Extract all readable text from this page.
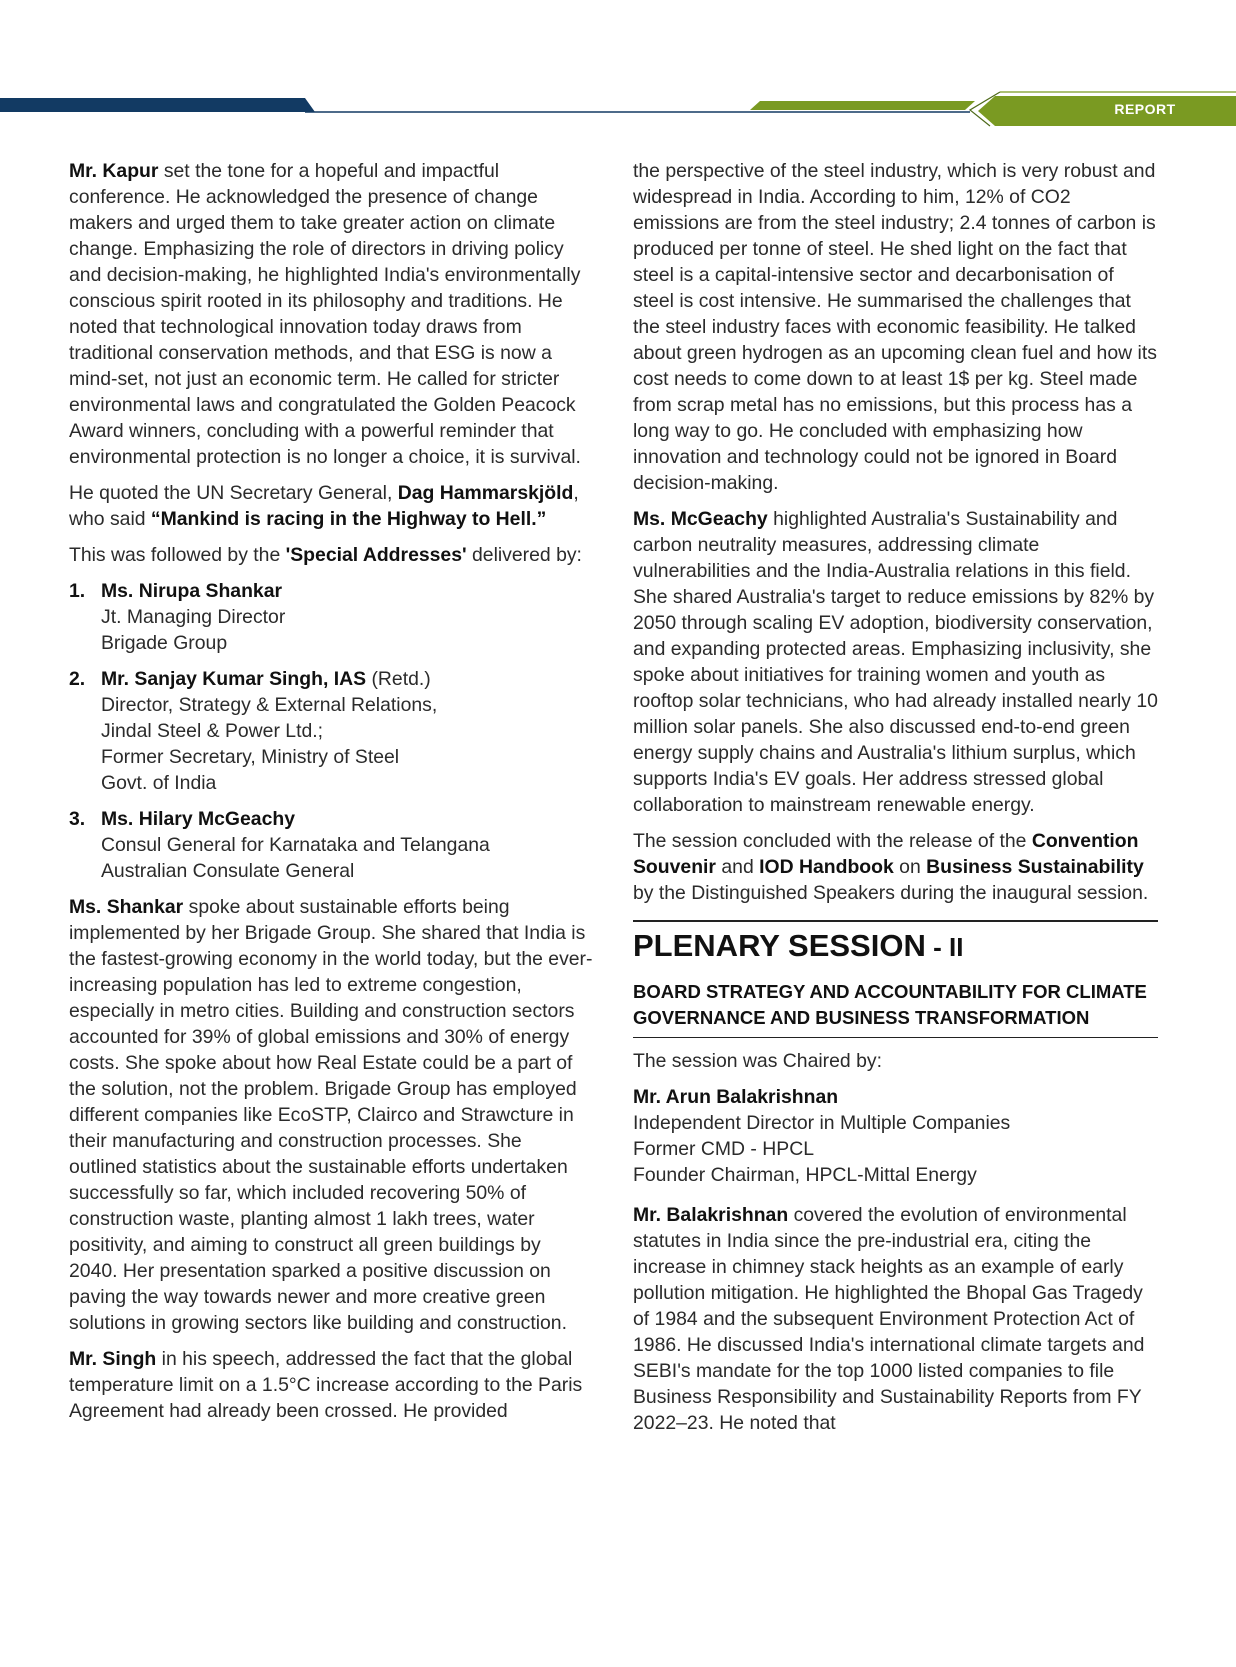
REPORT

Mr. Kapur set the tone for a hopeful and impactful conference. He acknowledged the presence of change makers and urged them to take greater action on climate change. Emphasizing the role of directors in driving policy and decision-making, he highlighted India's environmentally conscious spirit rooted in its philosophy and traditions. He noted that technological innovation today draws from traditional conservation methods, and that ESG is now a mind-set, not just an economic term. He called for stricter environmental laws and congratulated the Golden Peacock Award winners, concluding with a powerful reminder that environmental protection is no longer a choice, it is survival.

He quoted the UN Secretary General, Dag Hammarskjöld, who said “Mankind is racing in the Highway to Hell.”

This was followed by the 'Special Addresses' delivered by:

1. Ms. Nirupa Shankar
Jt. Managing Director
Brigade Group
2. Mr. Sanjay Kumar Singh, IAS (Retd.)
Director, Strategy & External Relations,
Jindal Steel & Power Ltd.;
Former Secretary, Ministry of Steel
Govt. of India
3. Ms. Hilary McGeachy
Consul General for Karnataka and Telangana
Australian Consulate General

Ms. Shankar spoke about sustainable efforts being implemented by her Brigade Group. She shared that India is the fastest-growing economy in the world today, but the ever-increasing population has led to extreme congestion, especially in metro cities. Building and construction sectors accounted for 39% of global emissions and 30% of energy costs. She spoke about how Real Estate could be a part of the solution, not the problem. Brigade Group has employed different companies like EcoSTP, Clairco and Strawcture in their manufacturing and construction processes. She outlined statistics about the sustainable efforts undertaken successfully so far, which included recovering 50% of construction waste, planting almost 1 lakh trees, water positivity, and aiming to construct all green buildings by 2040. Her presentation sparked a positive discussion on paving the way towards newer and more creative green solutions in growing sectors like building and construction.

Mr. Singh in his speech, addressed the fact that the global temperature limit on a 1.5°C increase according to the Paris Agreement had already been crossed. He provided

the perspective of the steel industry, which is very robust and widespread in India. According to him, 12% of CO2 emissions are from the steel industry; 2.4 tonnes of carbon is produced per tonne of steel. He shed light on the fact that steel is a capital-intensive sector and decarbonisation of steel is cost intensive. He summarised the challenges that the steel industry faces with economic feasibility. He talked about green hydrogen as an upcoming clean fuel and how its cost needs to come down to at least 1$ per kg. Steel made from scrap metal has no emissions, but this process has a long way to go. He concluded with emphasizing how innovation and technology could not be ignored in Board decision-making.

Ms. McGeachy highlighted Australia's Sustainability and carbon neutrality measures, addressing climate vulnerabilities and the India-Australia relations in this field. She shared Australia's target to reduce emissions by 82% by 2050 through scaling EV adoption, biodiversity conservation, and expanding protected areas. Emphasizing inclusivity, she spoke about initiatives for training women and youth as rooftop solar technicians, who had already installed nearly 10 million solar panels. She also discussed end-to-end green energy supply chains and Australia's lithium surplus, which supports India's EV goals. Her address stressed global collaboration to mainstream renewable energy.

The session concluded with the release of the Convention Souvenir and IOD Handbook on Business Sustainability by the Distinguished Speakers during the inaugural session.

PLENARY SESSION - II
BOARD STRATEGY AND ACCOUNTABILITY FOR CLIMATE GOVERNANCE AND BUSINESS TRANSFORMATION

The session was Chaired by:

Mr. Arun Balakrishnan
Independent Director in Multiple Companies
Former CMD - HPCL
Founder Chairman, HPCL-Mittal Energy

Mr. Balakrishnan covered the evolution of environmental statutes in India since the pre-industrial era, citing the increase in chimney stack heights as an example of early pollution mitigation. He highlighted the Bhopal Gas Tragedy of 1984 and the subsequent Environment Protection Act of 1986. He discussed India's international climate targets and SEBI's mandate for the top 1000 listed companies to file Business Responsibility and Sustainability Reports from FY 2022–23. He noted that
